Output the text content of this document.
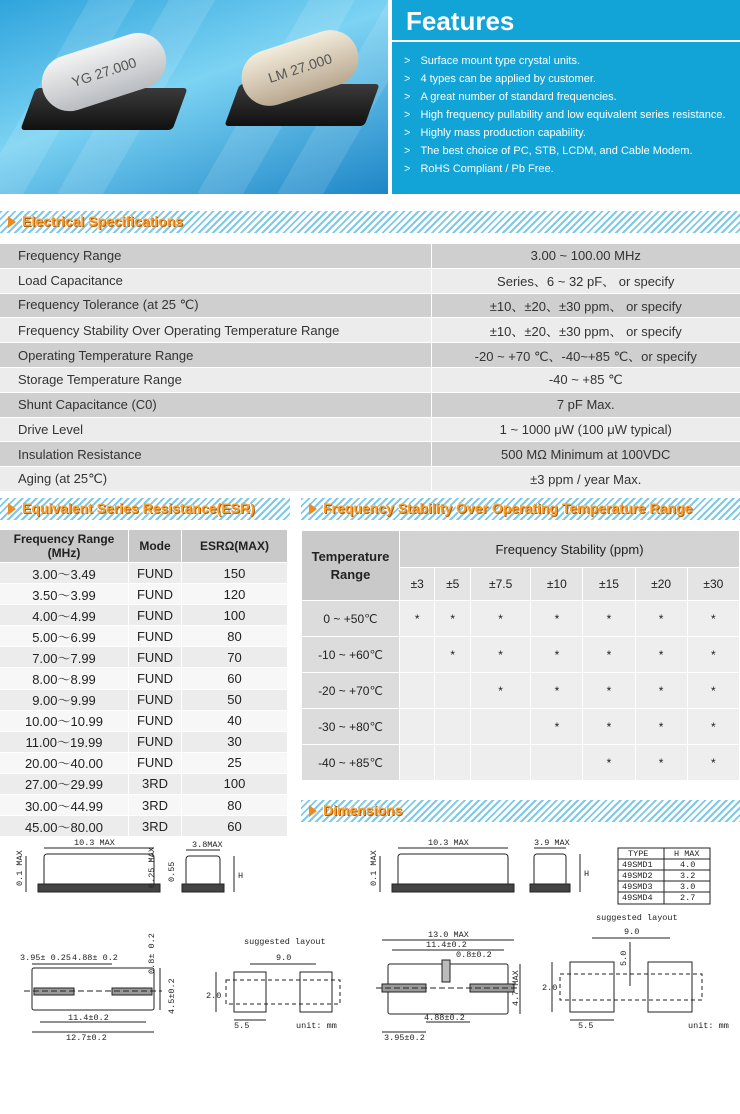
YG 27.000	LM 27.000
Features
> Surface mount type crystal units.
> 4 types can be applied by customer.
> A great number of standard frequencies.
> High frequency pullability and low equivalent series resistance.
> Highly mass production capability.
> The best choice of PC, STB, LCDM, and Cable Modem.
> RoHS Compliant / Pb Free.
Electrical Specifications
Frequency Range	3.00 ~ 100.00 MHz
Load Capacitance	Series、6 ~ 32 pF、 or specify
Frequency Tolerance (at 25 ℃)	±10、±20、±30 ppm、 or specify
Frequency Stability Over Operating Temperature Range	±10、±20、±30 ppm、 or specify
Operating Temperature Range	-20 ~ +70 ℃、-40~+85 ℃、or specify
Storage Temperature Range	-40 ~ +85 ℃
Shunt Capacitance (C0)	7 pF Max.
Drive Level	1 ~ 1000 μW (100 μW typical)
Insulation Resistance	500 MΩ Minimum at 100VDC
Aging (at 25℃)	±3 ppm / year Max.
Equivalent Series Resistance(ESR)
Frequency Range (MHz)	Mode	ESRΩ(MAX)
3.00～3.49	FUND	150
3.50～3.99	FUND	120
4.00～4.99	FUND	100
5.00～6.99	FUND	80
7.00～7.99	FUND	70
8.00～8.99	FUND	60
9.00～9.99	FUND	50
10.00～10.99	FUND	40
11.00～19.99	FUND	30
20.00～40.00	FUND	25
27.00～29.99	3RD	100
30.00～44.99	3RD	80
45.00～80.00	3RD	60
Frequency Stability Over Operating Temperature Range
Temperature Range	Frequency Stability (ppm)						
	±3	±5	±7.5	±10	±15	±20	±30
0 ~ +50℃	*	*	*	*	*	*	*
-10 ~ +60℃		*	*	*	*	*	*
-20 ~ +70℃			*	*	*	*	*
-30 ~ +80℃				*	*	*	*
-40 ~ +85℃					*	*	*
Dimensions
10.3 MAX	3.8MAX
0.1 MAX	0.25 MAX 0.55	H
3.95± 0.25 4.88± 0.2	0.8± 0.2
4.5±0.2
11.4±0.2
12.7±0.2
suggested layout
9.0
2.0
5.5	unit: mm
10.3 MAX	3.9 MAX
0.1 MAX	H
TYPE	H MAX
49SMD1	4.0
49SMD2	3.2
49SMD3	3.0
49SMD4	2.7
13.0 MAX
11.4±0.2
0.8±0.2
4.7 MAX
4.88±0.2
3.95±0.2
suggested layout
9.0
2.0
5.0
5.5	unit: mm
